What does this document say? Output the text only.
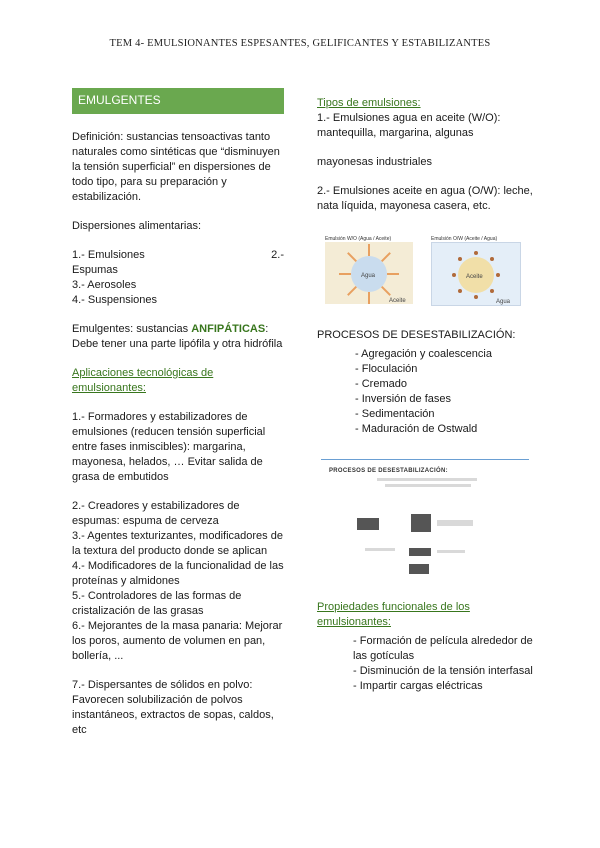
TEM 4- EMULSIONANTES ESPESANTES, GELIFICANTES Y ESTABILIZANTES
EMULGENTES

Definición: sustancias tensoactivas tanto naturales como sintéticas que “disminuyen la tensión superficial” en dispersiones de todo tipo, para su preparación y estabilización.

Dispersiones alimentarias:

1.- Emulsiones	2.-

Espumas

3.- Aerosoles

4.- Suspensiones

Emulgentes: sustancias ANFIPÁTICAS: Debe tener una parte lipófila y otra hidrófila

Aplicaciones tecnológicas de emulsionantes:

1.- Formadores y estabilizadores de emulsiones (reducen tensión superficial entre fases inmiscibles): margarina, mayonesa, helados, … Evitar salida de grasa de embutidos

2.- Creadores y estabilizadores de espumas: espuma de cerveza

3.- Agentes texturizantes, modificadores de la textura del producto donde se aplican

4.- Modificadores de la funcionalidad de las proteínas y almidones

5.- Controladores de las formas de cristalización de las grasas

6.- Mejorantes de la masa panaria: Mejorar los poros, aumento de volumen en pan, bollería, ...

7.- Dispersantes de sólidos en polvo: Favorecen solubilización de polvos instantáneos, extractos de sopas, caldos, etc

Tipos de emulsiones:

1.- Emulsiones agua en aceite (W/O): mantequilla, margarina, algunas

mayonesas industriales

2.- Emulsiones aceite en agua (O/W): leche, nata líquida, mayonesa casera, etc.

Emulsión W/O (Agua / Aceite)
Agua
Aceite
Emulsión O/W (Aceite / Agua)
Aceite
Agua

PROCESOS DE DESESTABILIZACIÓN:

- Agregación y coalescencia
- Floculación
- Cremado
- Inversión de fases
- Sedimentación
- Maduración de Ostwald
PROCESOS DE DESESTABILIZACIÓN:

Propiedades funcionales de los emulsionantes:

- Formación de película alrededor de las gotículas
- Disminución de la tensión interfasal
- Impartir cargas eléctricas
